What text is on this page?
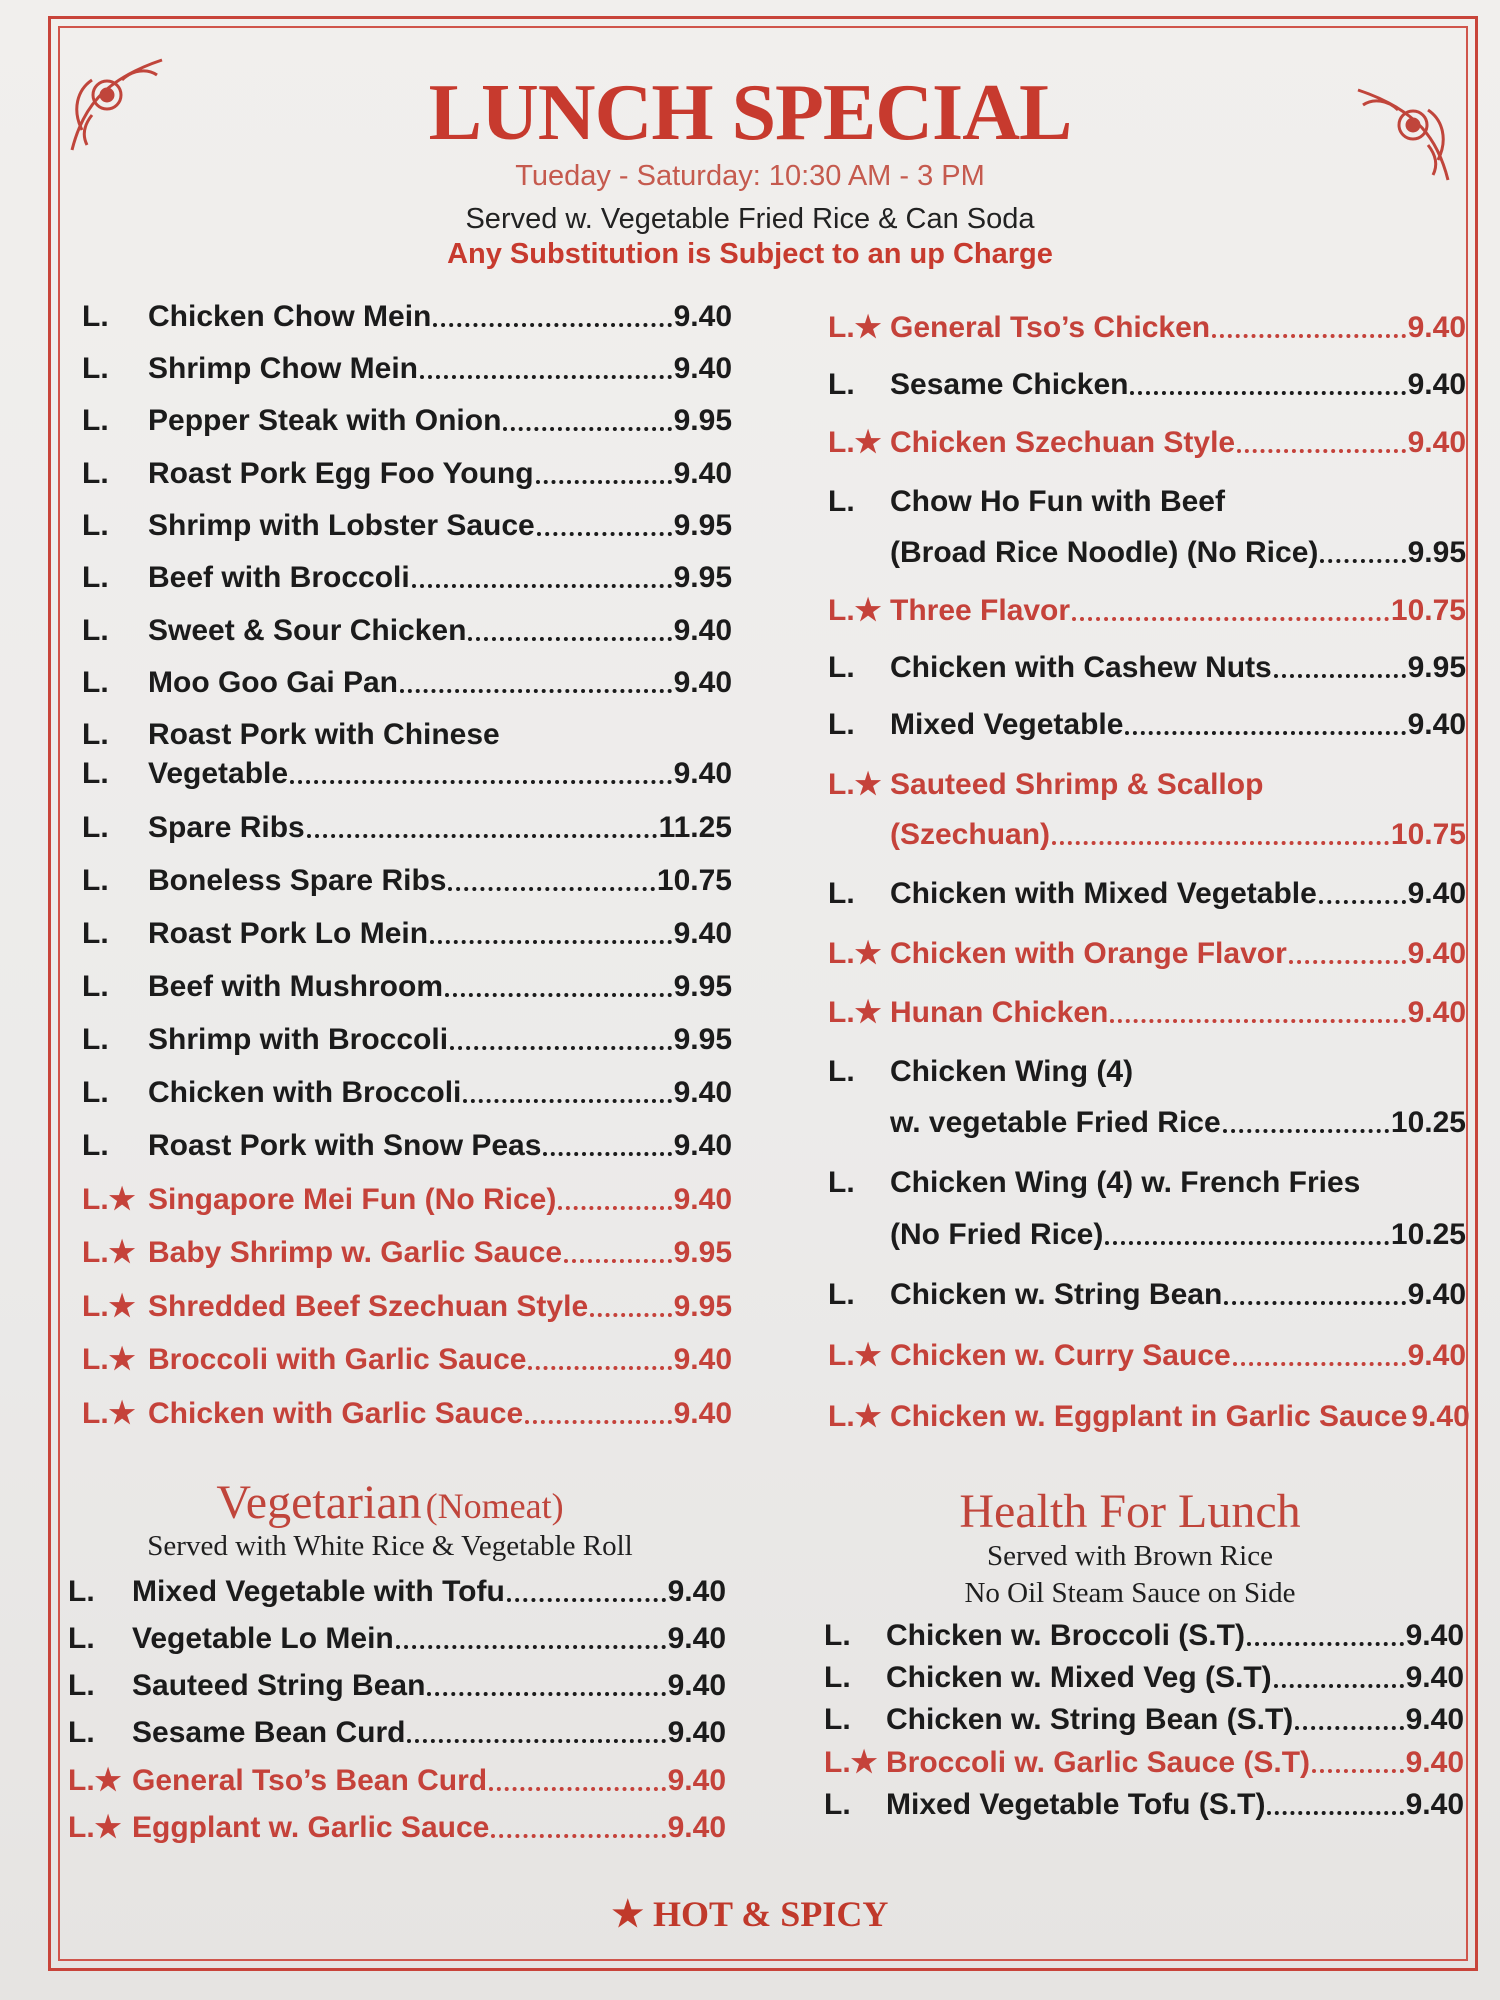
LUNCH SPECIAL
Tueday - Saturday: 10:30 AM - 3 PM
Served w. Vegetable Fried Rice & Can Soda
Any Substitution is Subject to an up Charge
L.	Chicken Chow Mein	9.40
L.	Shrimp Chow Mein	9.40
L.	Pepper Steak with Onion	9.95
L.	Roast Pork Egg Foo Young	9.40
L.	Shrimp with Lobster Sauce	9.95
L.	Beef with Broccoli	9.95
L.	Sweet & Sour Chicken	9.40
L.	Moo Goo Gai Pan	9.40
L.	Roast Pork with Chinese
L.	Vegetable	9.40
L.	Spare Ribs	11.25
L.	Boneless Spare Ribs	10.75
L.	Roast Pork Lo Mein	9.40
L.	Beef with Mushroom	9.95
L.	Shrimp with Broccoli	9.95
L.	Chicken with Broccoli	9.40
L.	Roast Pork with Snow Peas	9.40
L.★ Singapore Mei Fun (No Rice)	9.40
L.★ Baby Shrimp w. Garlic Sauce	9.95
L.★ Shredded Beef Szechuan Style	9.95
L.★ Broccoli with Garlic Sauce	9.40
L.★ Chicken with Garlic Sauce	9.40
L.★ General Tso’s Chicken	9.40
L.	Sesame Chicken	9.40
L.★ Chicken Szechuan Style	9.40
L.	Chow Ho Fun with Beef
(Broad Rice Noodle) (No Rice)	9.95
L.★ Three Flavor	10.75
L.	Chicken with Cashew Nuts	9.95
L.	Mixed Vegetable	9.40
L.★ Sauteed Shrimp & Scallop
(Szechuan)	10.75
L.	Chicken with Mixed Vegetable	9.40
L.★ Chicken with Orange Flavor	9.40
L.★ Hunan Chicken	9.40
L.	Chicken Wing (4)
w. vegetable Fried Rice	10.25
L.	Chicken Wing (4) w. French Fries
(No Fried Rice)	10.25
L.	Chicken w. String Bean	9.40
L.★ Chicken w. Curry Sauce	9.40
L.★ Chicken w. Eggplant in Garlic Sauce 9.40
Vegetarian (Nomeat)
Served with White Rice & Vegetable Roll
L.	Mixed Vegetable with Tofu	9.40
L.	Vegetable Lo Mein	9.40
L.	Sauteed String Bean	9.40
L.	Sesame Bean Curd	9.40
L.★ General Tso’s Bean Curd	9.40
L.★ Eggplant w. Garlic Sauce	9.40
Health For Lunch
Served with Brown Rice
No Oil Steam Sauce on Side
L.	Chicken w. Broccoli (S.T)	9.40
L.	Chicken w. Mixed Veg (S.T)	9.40
L.	Chicken w. String Bean (S.T)	9.40
L.★ Broccoli w. Garlic Sauce (S.T)	9.40
L.	Mixed Vegetable Tofu (S.T)	9.40
★ HOT & SPICY
